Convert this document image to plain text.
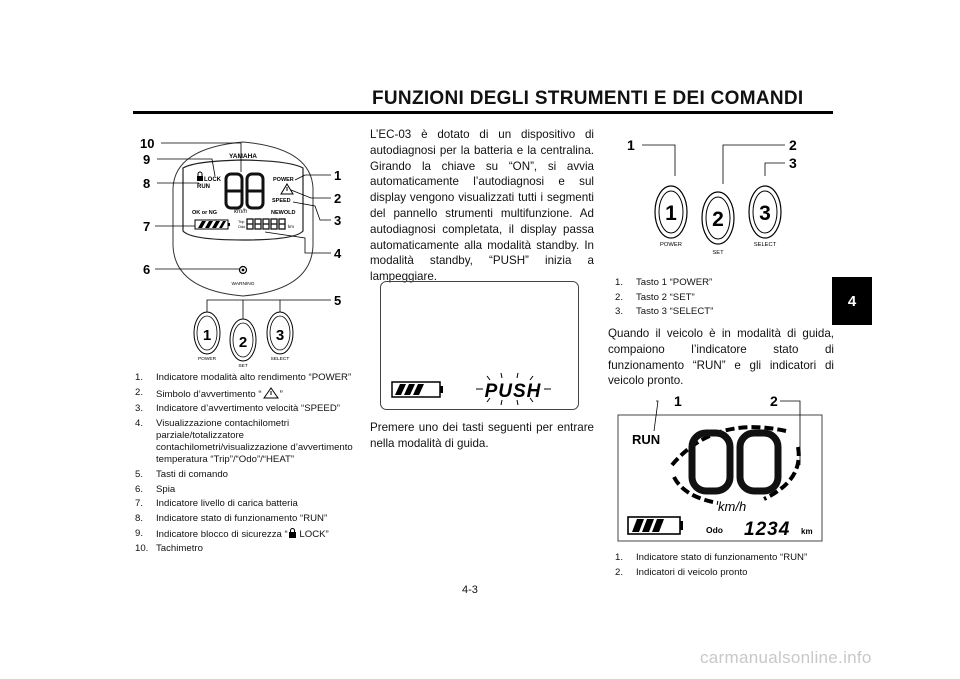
FUNZIONI DEGLI STRUMENTI E DEI COMANDI
4
YAMAHA
LOCK
RUN
POWER
SPEED
OK or NG	km/h	NEWOLD
Trip
Odo	km
WARNING
1
POWER
2
SET
3
SELECT
10
9
8
7
6
1
2
3
4
5
1. Indicatore modalità alto rendimento “POWER”
2. Simbolo d’avvertimento “ ”
3. Indicatore d’avvertimento velocità “SPEED”
4. Visualizzazione contachilometri parziale/totalizzatore contachilometri/visualizzazione d’avvertimento temperatura “Trip”/“Odo”/“HEAT”
5. Tasti di comando
6. Spia
7. Indicatore livello di carica batteria
8. Indicatore stato di funzionamento “RUN”
9. Indicatore blocco di sicurezza “ LOCK”
10. Tachimetro
L’EC-03 è dotato di un dispositivo di autodiagnosi per la batteria e la centralina. Girando la chiave su “ON”, si avvia automaticamente l’autodiagnosi e sul display vengono visualizzati tutti i segmenti del pannello strumenti multifunzione. Ad autodiagnosi completata, il display passa automaticamente alla modalità standby. In modalità standby, “PUSH” inizia a lampeggiare.
PUSH
Premere uno dei tasti seguenti per entrare nella modalità di guida.
1	2
3
1
POWER
2
SET
3
SELECT
1. Tasto 1 “POWER”
2. Tasto 2 “SET”
3. Tasto 3 “SELECT”
Quando il veicolo è in modalità di guida, compaiono l’indicatore stato di funzionamento “RUN” e gli indicatori di veicolo pronto.
1	2
RUN
km/h
Odo 1234 km
1. Indicatore stato di funzionamento “RUN”
2. Indicatori di veicolo pronto
4-3
carmanualsonline.info
